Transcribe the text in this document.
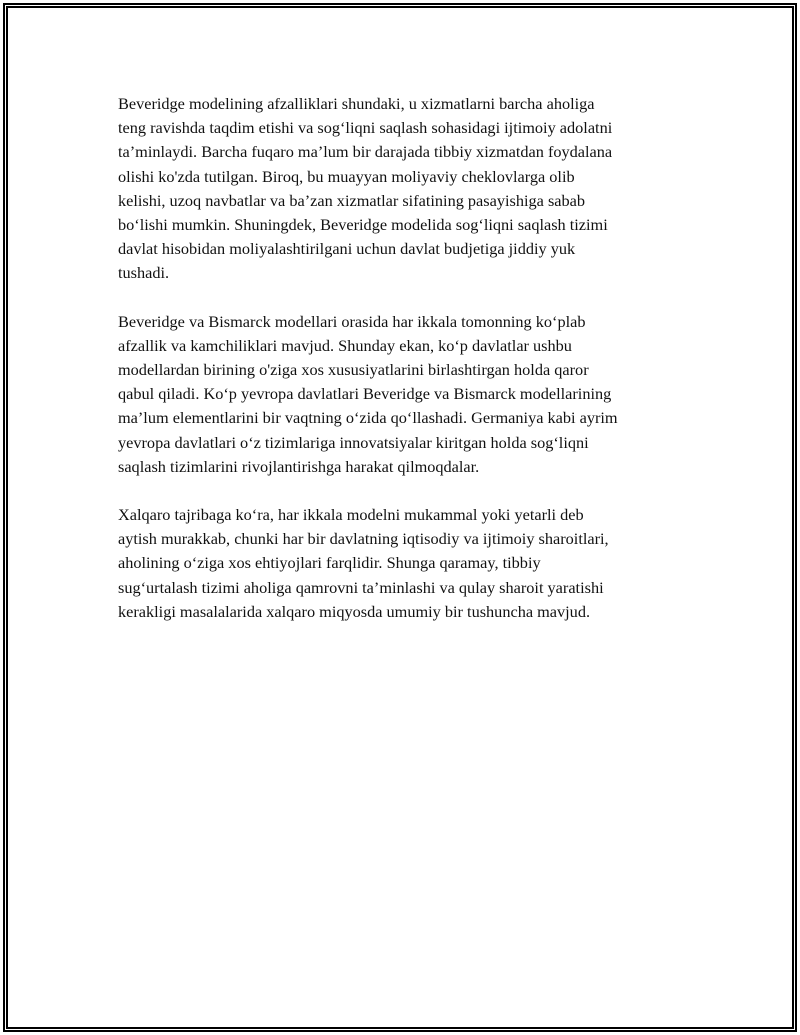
Beveridge modelining afzalliklari shundaki, u xizmatlarni barcha aholiga
teng ravishda taqdim etishi va sog‘liqni saqlash sohasidagi ijtimoiy adolatni
ta’minlaydi. Barcha fuqaro ma’lum bir darajada tibbiy xizmatdan foydalana
olishi ko'zda tutilgan. Biroq, bu muayyan moliyaviy cheklovlarga olib
kelishi, uzoq navbatlar va ba’zan xizmatlar sifatining pasayishiga sabab
bo‘lishi mumkin. Shuningdek, Beveridge modelida sog‘liqni saqlash tizimi
davlat hisobidan moliyalashtirilgani uchun davlat budjetiga jiddiy yuk
tushadi.

Beveridge va Bismarck modellari orasida har ikkala tomonning ko‘plab
afzallik va kamchiliklari mavjud. Shunday ekan, ko‘p davlatlar ushbu
modellardan birining o'ziga xos xususiyatlarini birlashtirgan holda qaror
qabul qiladi. Ko‘p yevropa davlatlari Beveridge va Bismarck modellarining
ma’lum elementlarini bir vaqtning o‘zida qo‘llashadi. Germaniya kabi ayrim
yevropa davlatlari o‘z tizimlariga innovatsiyalar kiritgan holda sog‘liqni
saqlash tizimlarini rivojlantirishga harakat qilmoqdalar.

Xalqaro tajribaga ko‘ra, har ikkala modelni mukammal yoki yetarli deb
aytish murakkab, chunki har bir davlatning iqtisodiy va ijtimoiy sharoitlari,
aholining o‘ziga xos ehtiyojlari farqlidir. Shunga qaramay, tibbiy
sug‘urtalash tizimi aholiga qamrovni ta’minlashi va qulay sharoit yaratishi
kerakligi masalalarida xalqaro miqyosda umumiy bir tushuncha mavjud.
